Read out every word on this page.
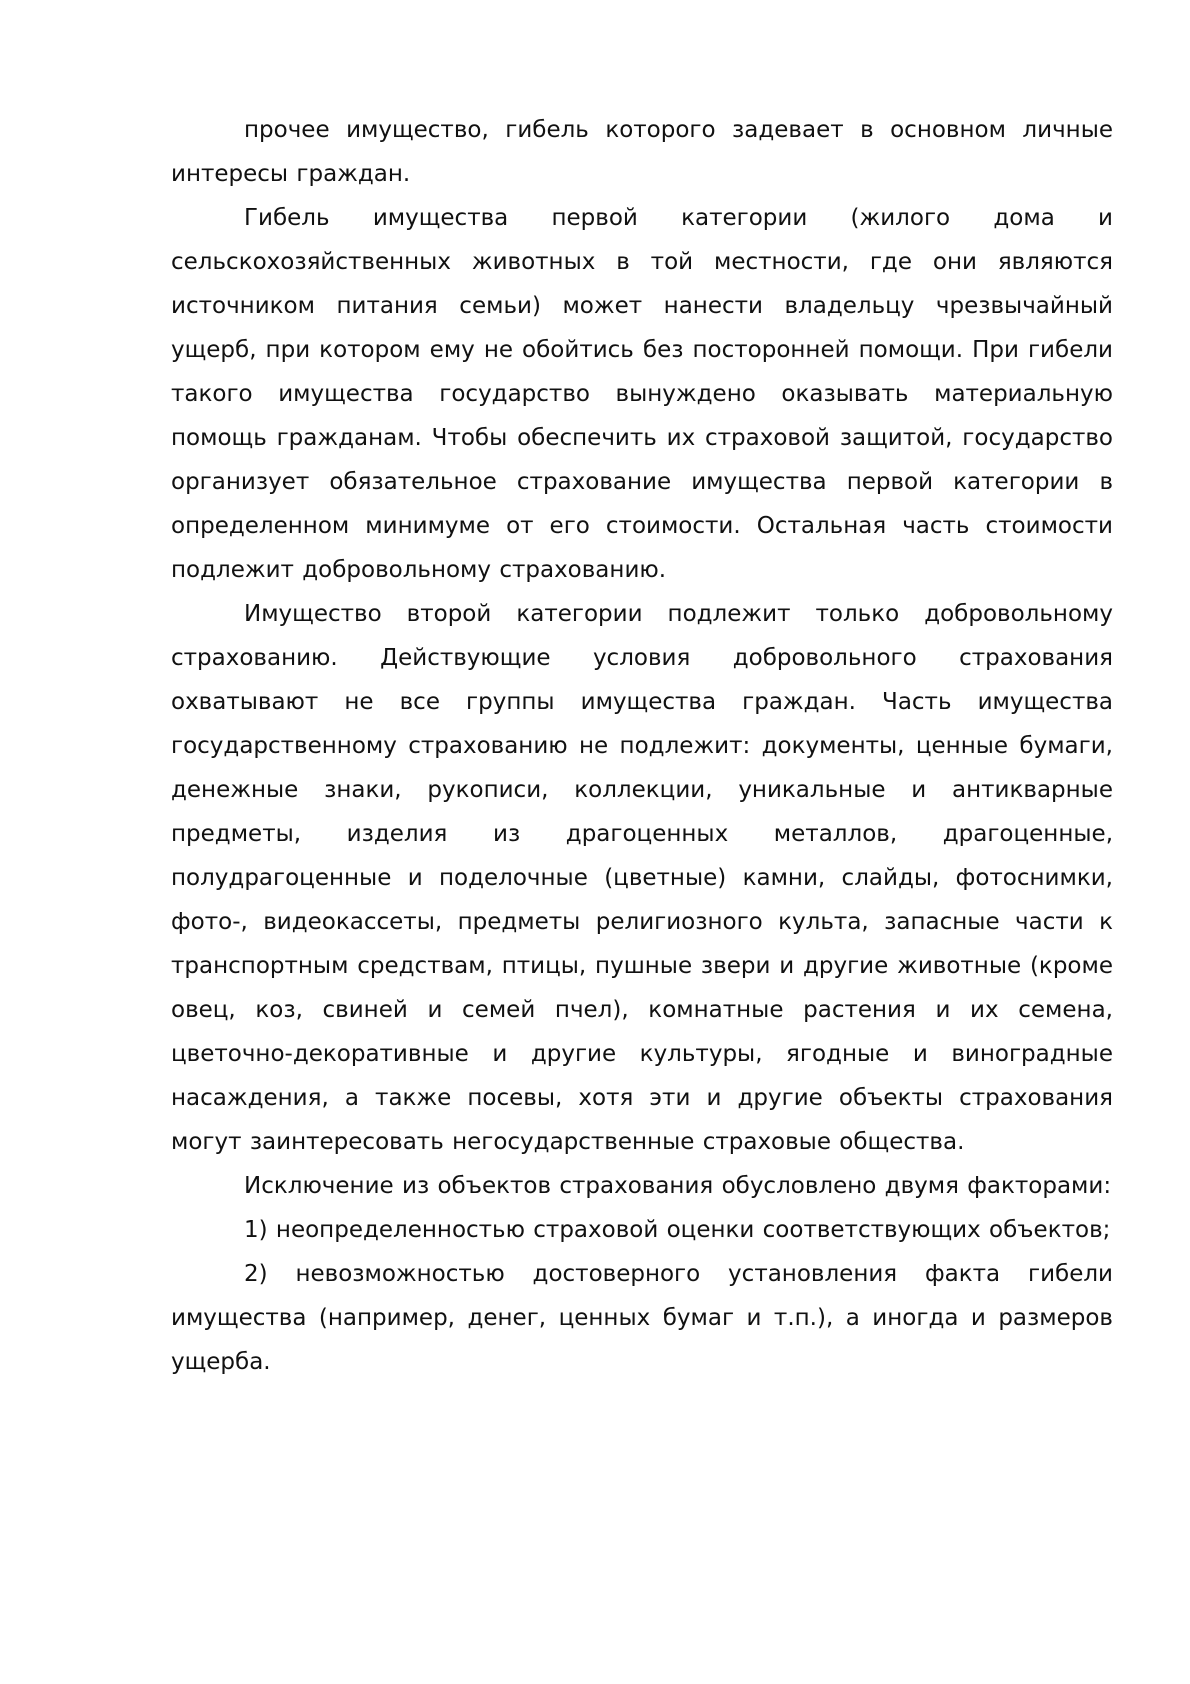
прочее имущество, гибель которого задевает в основном личные интересы граждан.

Гибель имущества первой категории (жилого дома и сельскохозяйственных животных в той местности, где они являются источником питания семьи) может нанести владельцу чрезвычайный ущерб, при котором ему не обойтись без посторонней помощи. При гибели такого имущества государство вынуждено оказывать материальную помощь гражданам. Чтобы обеспечить их страховой защитой, государство организует обязательное страхование имущества первой категории в определенном минимуме от его стоимости. Остальная часть стоимости подлежит добровольному страхованию.

Имущество второй категории подлежит только добровольному страхованию. Действующие условия добровольного страхования охватывают не все группы имущества граждан. Часть имущества государственному страхованию не подлежит: документы, ценные бумаги, денежные знаки, рукописи, коллекции, уникальные и антикварные предметы, изделия из драгоценных металлов, драгоценные, полудрагоценные и поделочные (цветные) камни, слайды, фотоснимки, фото-, видеокассеты, предметы религиозного культа, запасные части к транспортным средствам, птицы, пушные звери и другие животные (кроме овец, коз, свиней и семей пчел), комнатные растения и их семена, цветочно-декоративные и другие культуры, ягодные и виноградные насаждения, а также посевы, хотя эти и другие объекты страхования могут заинтересовать негосударственные страховые общества.

Исключение из объектов страхования обусловлено двумя факторами:

1) неопределенностью страховой оценки соответствующих объектов;

2) невозможностью достоверного установления факта гибели имущества (например, денег, ценных бумаг и т.п.), а иногда и размеров ущерба.
